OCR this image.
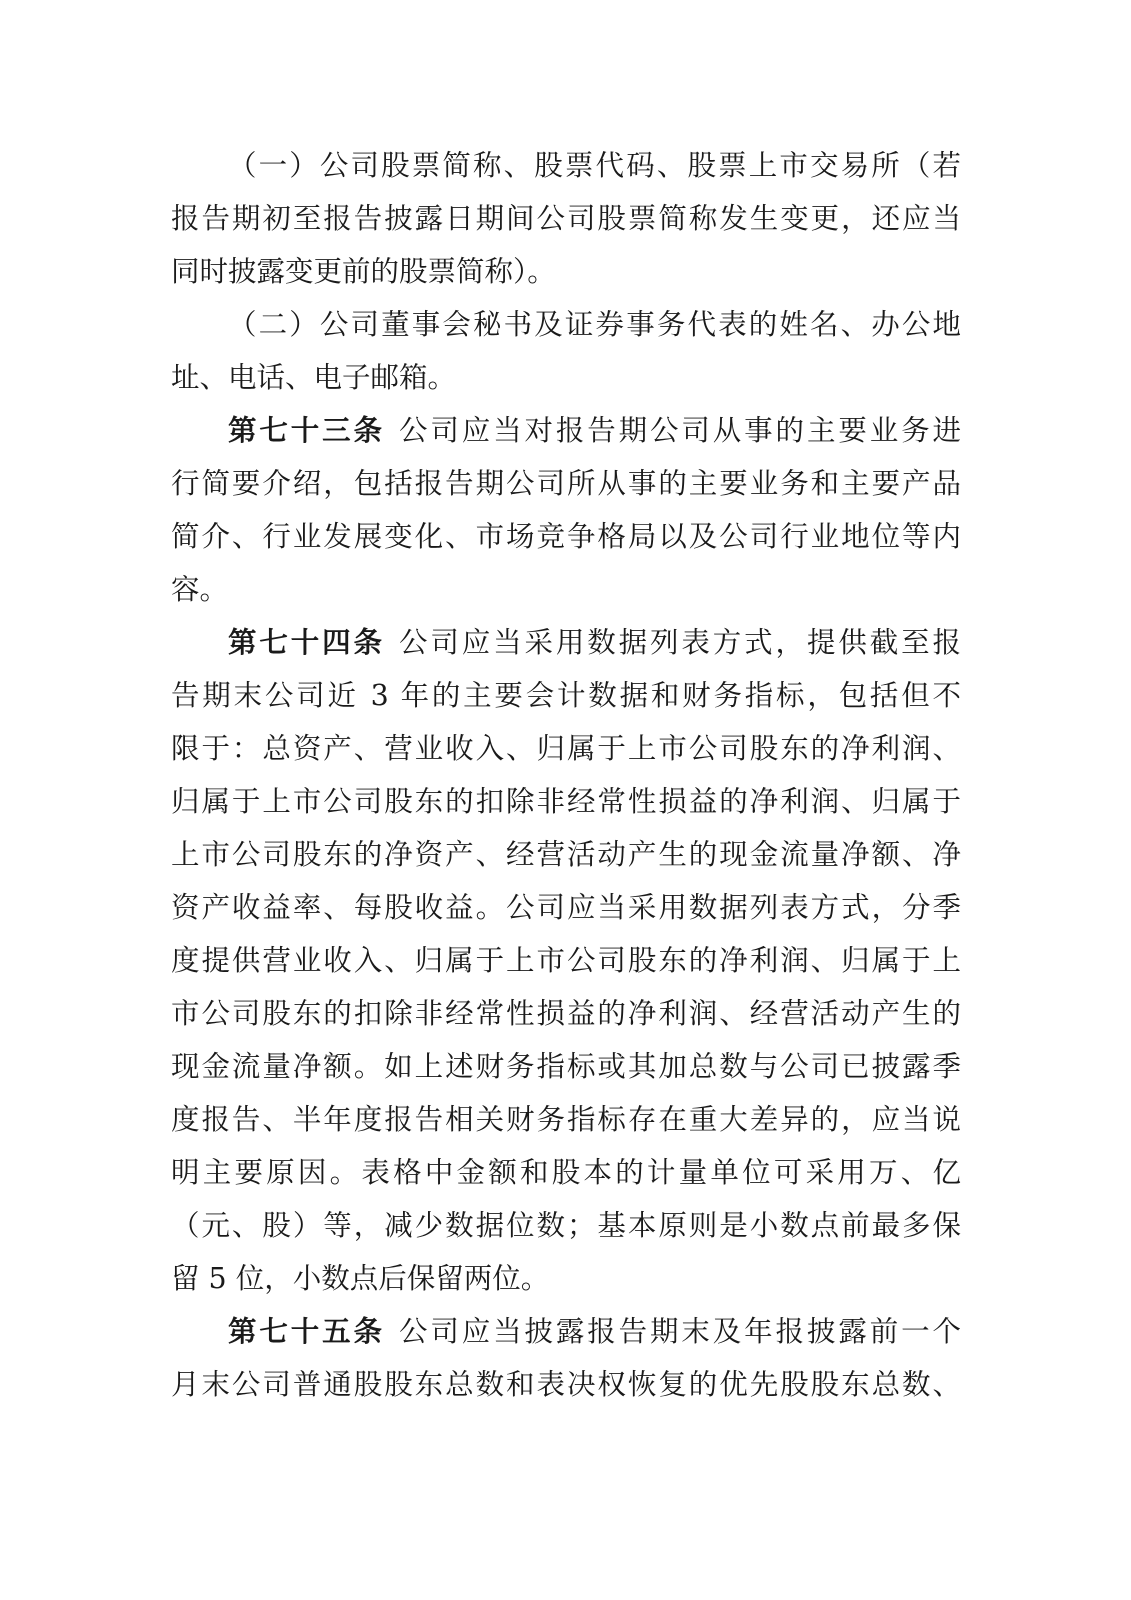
（一）公司股票简称、股票代码、股票上市交易所（若
报告期初至报告披露日期间公司股票简称发生变更，还应当
同时披露变更前的股票简称）。
（二）公司董事会秘书及证券事务代表的姓名、办公地
址、电话、电子邮箱。
第七十三条 公司应当对报告期公司从事的主要业务进
行简要介绍，包括报告期公司所从事的主要业务和主要产品
简介、行业发展变化、市场竞争格局以及公司行业地位等内
容。
第七十四条 公司应当采用数据列表方式，提供截至报
告期末公司近 3 年的主要会计数据和财务指标，包括但不
限于：总资产、营业收入、归属于上市公司股东的净利润、
归属于上市公司股东的扣除非经常性损益的净利润、归属于
上市公司股东的净资产、经营活动产生的现金流量净额、净
资产收益率、每股收益。公司应当采用数据列表方式，分季
度提供营业收入、归属于上市公司股东的净利润、归属于上
市公司股东的扣除非经常性损益的净利润、经营活动产生的
现金流量净额。如上述财务指标或其加总数与公司已披露季
度报告、半年度报告相关财务指标存在重大差异的，应当说
明主要原因。表格中金额和股本的计量单位可采用万、亿
（元、股）等，减少数据位数；基本原则是小数点前最多保
留 5 位，小数点后保留两位。
第七十五条 公司应当披露报告期末及年报披露前一个
月末公司普通股股东总数和表决权恢复的优先股股东总数、
